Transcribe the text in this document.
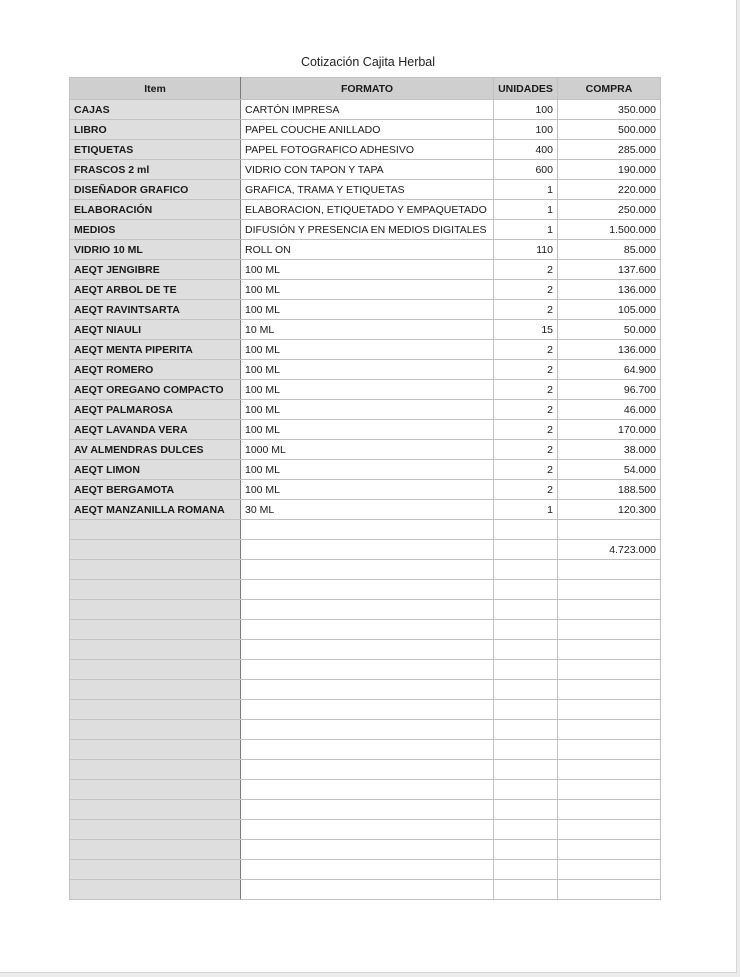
Cotización Cajita Herbal
Item	FORMATO	UNIDADES	COMPRA
CAJAS	CARTÓN IMPRESA	100	350.000
LIBRO	PAPEL COUCHE ANILLADO	100	500.000
ETIQUETAS	PAPEL FOTOGRAFICO ADHESIVO	400	285.000
FRASCOS 2 ml	VIDRIO CON TAPON Y TAPA	600	190.000
DISEÑADOR GRAFICO	GRAFICA, TRAMA Y ETIQUETAS	1	220.000
ELABORACIÓN	ELABORACION, ETIQUETADO Y EMPAQUETADO	1	250.000
MEDIOS	DIFUSIÓN Y PRESENCIA EN MEDIOS DIGITALES	1	1.500.000
VIDRIO 10 ML	ROLL ON	110	85.000
AEQT JENGIBRE	100 ML	2	137.600
AEQT ARBOL DE TE	100 ML	2	136.000
AEQT RAVINTSARTA	100 ML	2	105.000
AEQT NIAULI	10 ML	15	50.000
AEQT MENTA PIPERITA	100 ML	2	136.000
AEQT ROMERO	100 ML	2	64.900
AEQT OREGANO COMPACTO	100 ML	2	96.700
AEQT PALMAROSA	100 ML	2	46.000
AEQT LAVANDA VERA	100 ML	2	170.000
AV ALMENDRAS DULCES	1000 ML	2	38.000
AEQT LIMON	100 ML	2	54.000
AEQT BERGAMOTA	100 ML	2	188.500
AEQT MANZANILLA ROMANA	30 ML	1	120.300

			4.723.000
